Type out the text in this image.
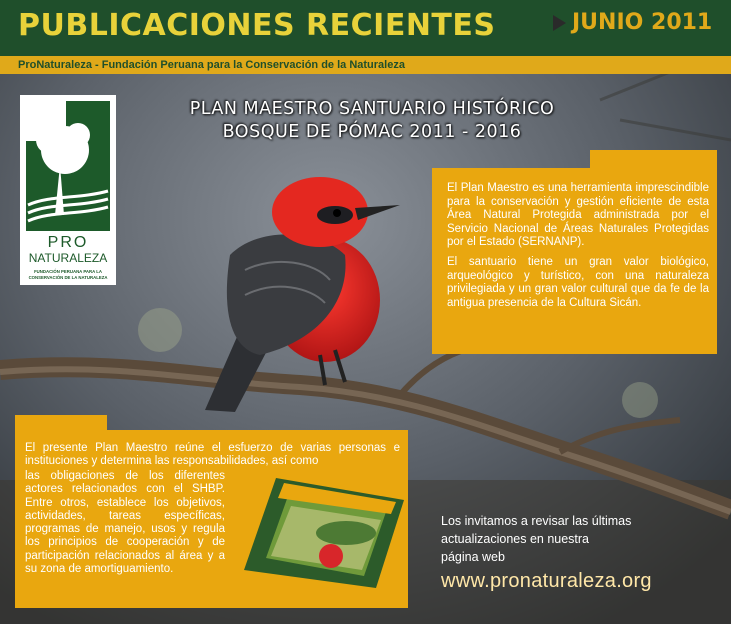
PUBLICACIONES RECIENTES	JUNIO 2011
ProNaturaleza - Fundación Peruana para la Conservación de la Naturaleza
PRO
NATURALEZA
FUNDACIÓN PERUANA PARA LA
CONSERVACIÓN DE LA NATURALEZA
PLAN MAESTRO SANTUARIO HISTÓRICO
BOSQUE DE PÓMAC 2011 - 2016

El Plan Maestro es una herramienta imprescindible para la conservación y gestión eficiente de esta Área Natural Protegida administrada por el Servicio Nacional de Áreas Naturales Protegidas por el Estado (SERNANP).

El santuario tiene un gran valor biológico, arqueológico y turístico, con una naturaleza privilegiada y un gran valor cultural que da fe de la antigua presencia de la Cultura Sicán.

El presente Plan Maestro reúne el esfuerzo de varias personas e instituciones y determina las responsabilidades, así como
las obligaciones de los diferentes actores relacionados con el SHBP. Entre otros, establece los objetivos, actividades, tareas específicas, programas de manejo, usos y regula los principios de cooperación y de participación relacionados al área y a su zona de amortiguamiento.
Los invitamos a revisar las últimas
actualizaciones en nuestra
página web
www.pronaturaleza.org
